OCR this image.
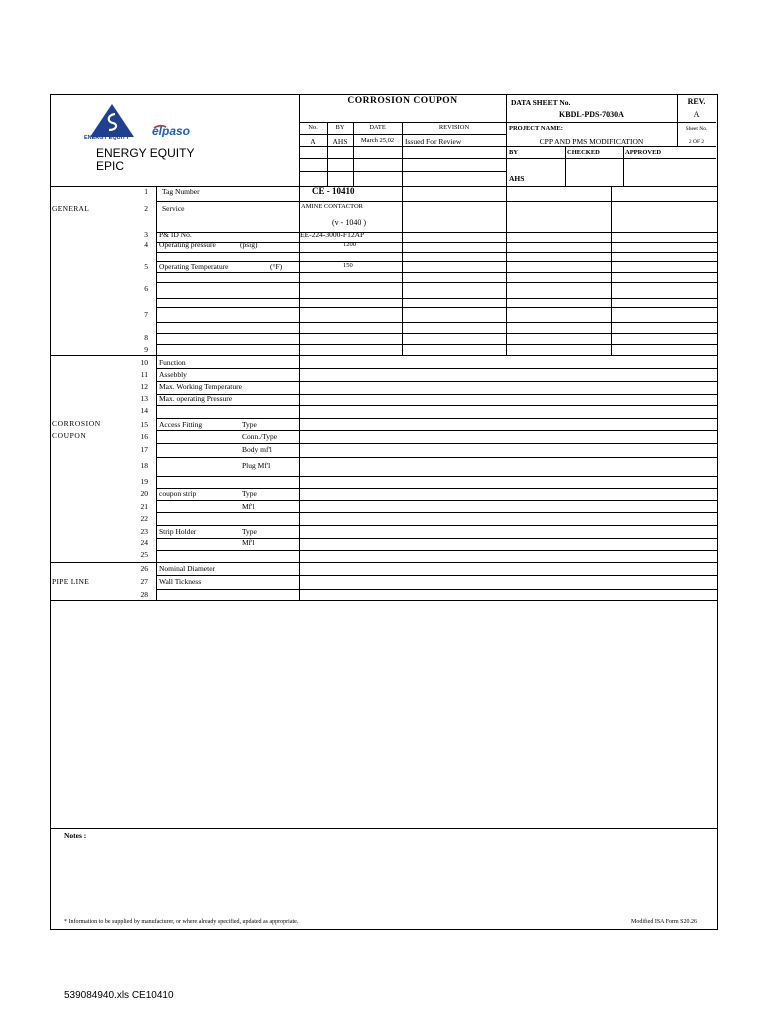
ENERGY EQUITY elpaso
ENERGY EQUITY
EPIC
CORROSION COUPON	DATA SHEET No.
KBDL-PDS-7030A
REV.
A
No.	BY	DATE	REVISION
A	AHS	March 25,02	Issued For Review
PROJECT NAME:
CPP AND PMS MODIFICATION
Sheet No.
2 OF 2
BY	CHECKED	APPROVED
AHS
GENERAL
CORROSION
COUPON
PIPE LINE
1 Tag Number	CE - 10410
2 Service	AMINE CONTACTOR
(v - 1040 )
3 P& ID No.	EE-224-3000-F12AP
4 Operating pressure	(psig)	1200
5 Operating Temperature	(°F)	150
6
7
8
9
10 Function
11 Assebbly
12 Max. Working Temperature
13 Max. operating Pressure
14
15 Access Fitting	Type
16	Conn./Type
17	Body mf'l
18	Plug Mf'l
19
20 coupon strip	Type
21	Mf'l
22
23 Strip Holder	Type
24	Mf'l
25
26 Nominal Diameter
27 Wall Tickness
28
Notes :
* Information to be supplied by manufacturer, or where already specified, updated as appropriate.	Modified ISA Form S20.26
539084940.xls CE10410
